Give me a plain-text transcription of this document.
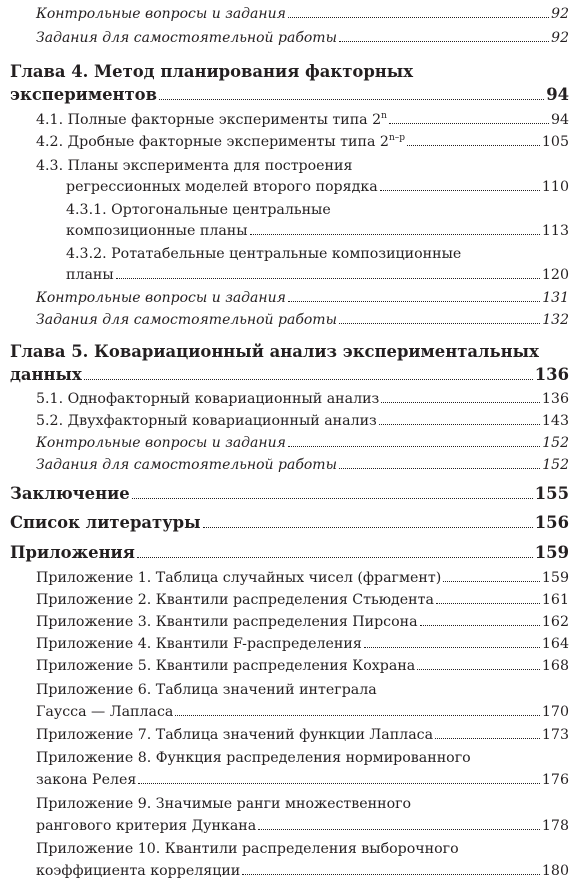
Контрольные вопросы и задания	92
Задания для самостоятельной работы	92
Глава 4. Метод планирования факторных
экспериментов	94
4.1. Полные факторные эксперименты типа 2$^n$	94
4.2. Дробные факторные эксперименты типа 2$^{n-p}$	105
4.3. Планы эксперимента для построения
регрессионных моделей второго порядка	110
4.3.1. Ортогональные центральные
композиционные планы	113
4.3.2. Ротатабельные центральные композиционные
планы	120
Контрольные вопросы и задания	131
Задания для самостоятельной работы	132
Глава 5. Ковариационный анализ экспериментальных
данных	136
5.1. Однофакторный ковариационный анализ	136
5.2. Двухфакторный ковариационный анализ	143
Контрольные вопросы и задания	152
Задания для самостоятельной работы	152
Заключение	155
Список литературы	156
Приложения	159
Приложение 1. Таблица случайных чисел (фрагмент)	159
Приложение 2. Квантили распределения Стьюдента	161
Приложение 3. Квантили распределения Пирсона	162
Приложение 4. Квантили F-распределения	164
Приложение 5. Квантили распределения Кохрана	168
Приложение 6. Таблица значений интеграла
Гаусса — Лапласа	170
Приложение 7. Таблица значений функции Лапласа	173
Приложение 8. Функция распределения нормированного
закона Релея	176
Приложение 9. Значимые ранги множественного
рангового критерия Дункана	178
Приложение 10. Квантили распределения выборочного
коэффициента корреляции	180
